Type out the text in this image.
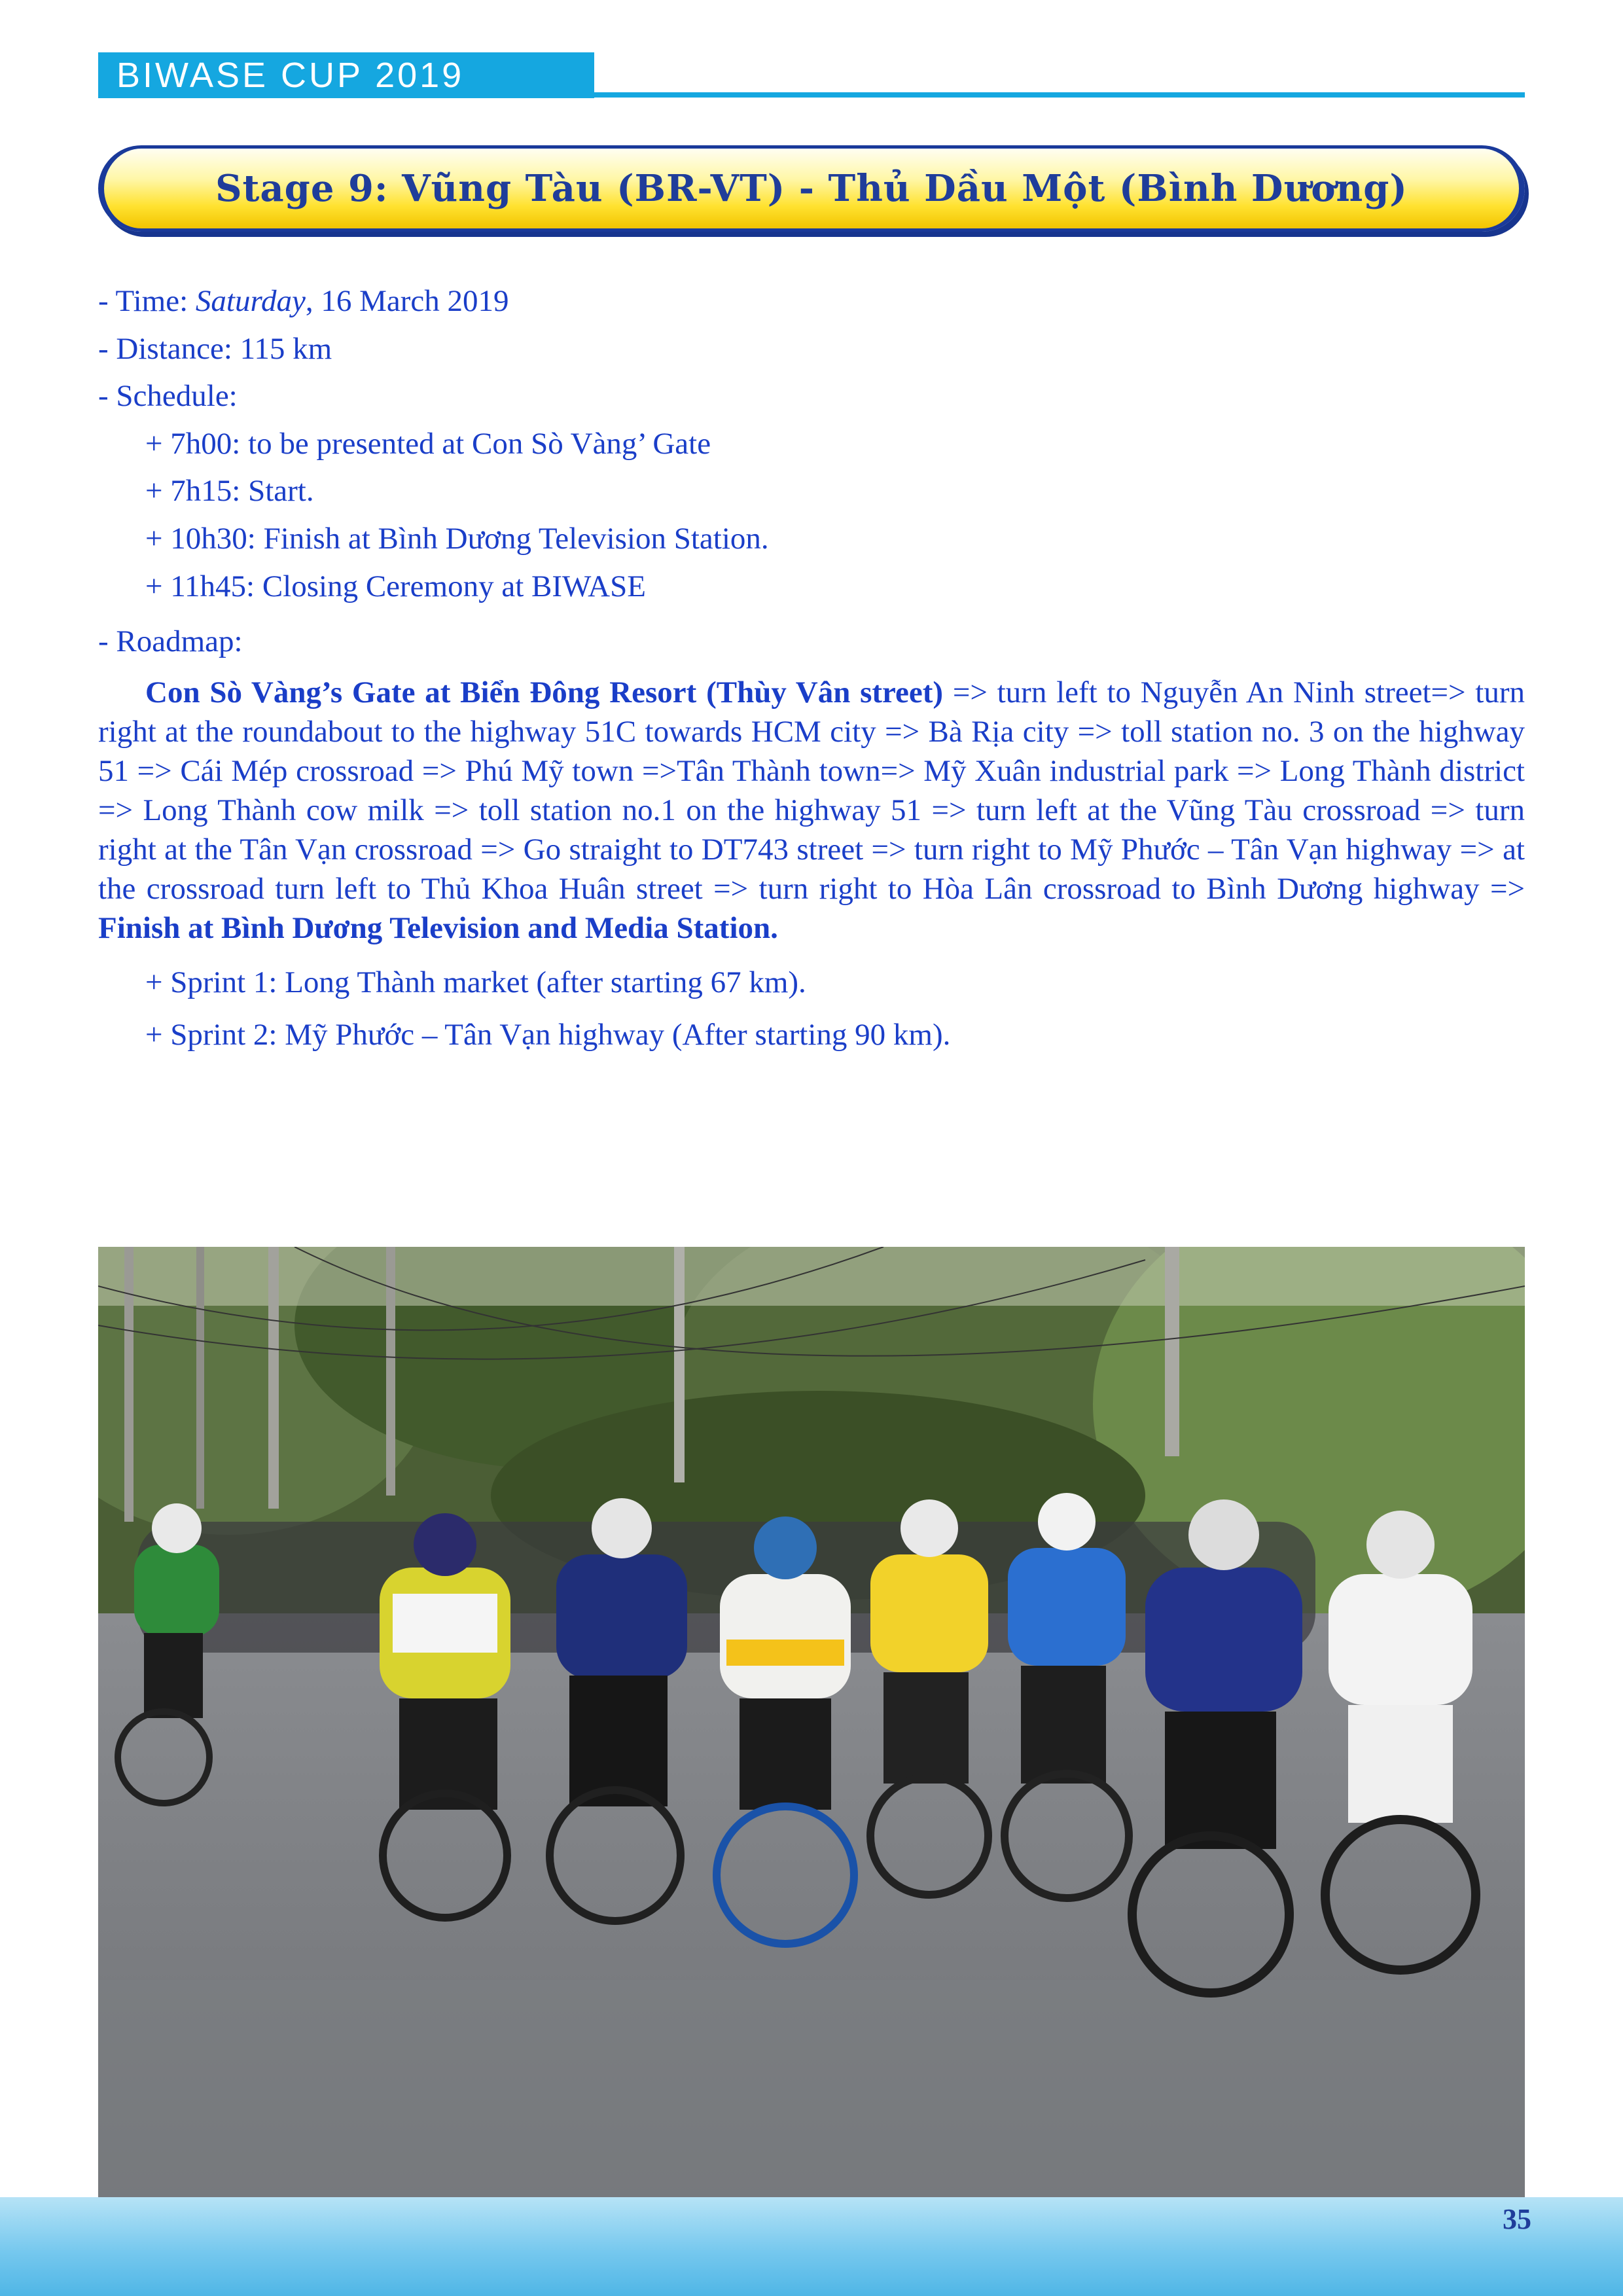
BIWASE CUP 2019
Stage 9: Vũng Tàu (BR-VT) - Thủ Dầu Một (Bình Dương)
- Time: Saturday, 16 March 2019
- Distance: 115 km
- Schedule:
+ 7h00: to be presented at Con Sò Vàng’ Gate
+ 7h15: Start.
+ 10h30: Finish at Bình Dương Television Station.
+ 11h45: Closing Ceremony at BIWASE
- Roadmap:
Con Sò Vàng’s Gate at Biển Đông Resort (Thùy Vân street) => turn left to Nguyễn An Ninh street=> turn right at the roundabout to the highway 51C towards HCM city => Bà Rịa city => toll station no. 3 on the highway 51 => Cái Mép crossroad => Phú Mỹ town =>Tân Thành town=> Mỹ Xuân industrial park => Long Thành district => Long Thành cow milk => toll station no.1 on the highway 51 => turn left at the Vũng Tàu crossroad => turn right at the Tân Vạn crossroad => Go straight to DT743 street => turn right to Mỹ Phước – Tân Vạn highway => at the crossroad turn left to Thủ Khoa Huân street => turn right to Hòa Lân crossroad to Bình Dương highway => Finish at Bình Dương Television and Media Station.
+ Sprint 1: Long Thành market (after starting 67 km).
+ Sprint 2: Mỹ Phước – Tân Vạn highway (After starting 90 km).
35
